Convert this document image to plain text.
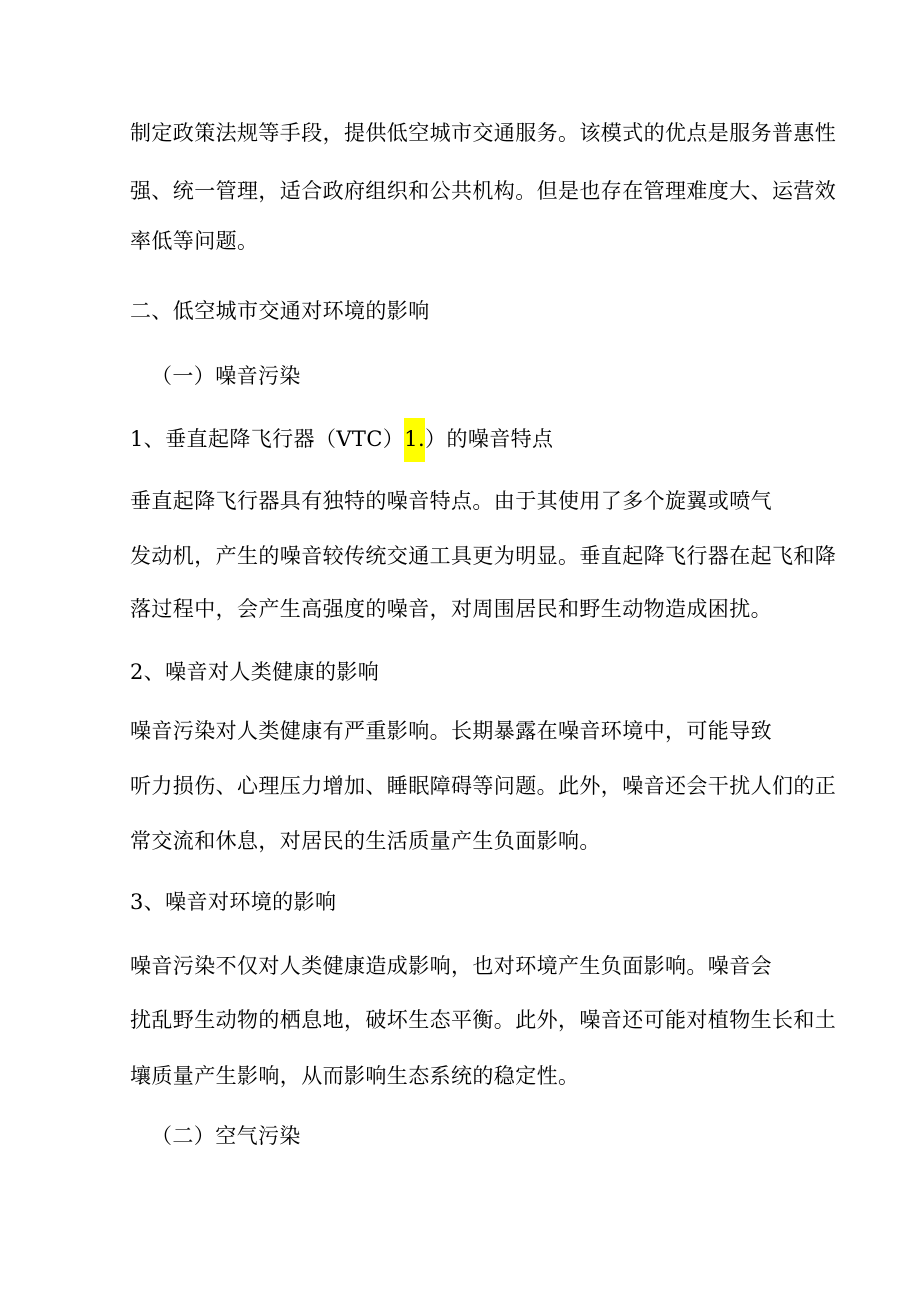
制定政策法规等手段，提供低空城市交通服务。该模式的优点是服务普惠性
强、统一管理，适合政府组织和公共机构。但是也存在管理难度大、运营效
率低等问题。
二、低空城市交通对环境的影响
（一）噪音污染
1、垂直起降飞行器（VTC）1.）的噪音特点
垂直起降飞行器具有独特的噪音特点。由于其使用了多个旋翼或喷气
发动机，产生的噪音较传统交通工具更为明显。垂直起降飞行器在起飞和降
落过程中，会产生高强度的噪音，对周围居民和野生动物造成困扰。
2、噪音对人类健康的影响
噪音污染对人类健康有严重影响。长期暴露在噪音环境中，可能导致
听力损伤、心理压力增加、睡眠障碍等问题。此外，噪音还会干扰人们的正
常交流和休息，对居民的生活质量产生负面影响。
3、噪音对环境的影响
噪音污染不仅对人类健康造成影响，也对环境产生负面影响。噪音会
扰乱野生动物的栖息地，破坏生态平衡。此外，噪音还可能对植物生长和土
壤质量产生影响，从而影响生态系统的稳定性。
（二）空气污染
